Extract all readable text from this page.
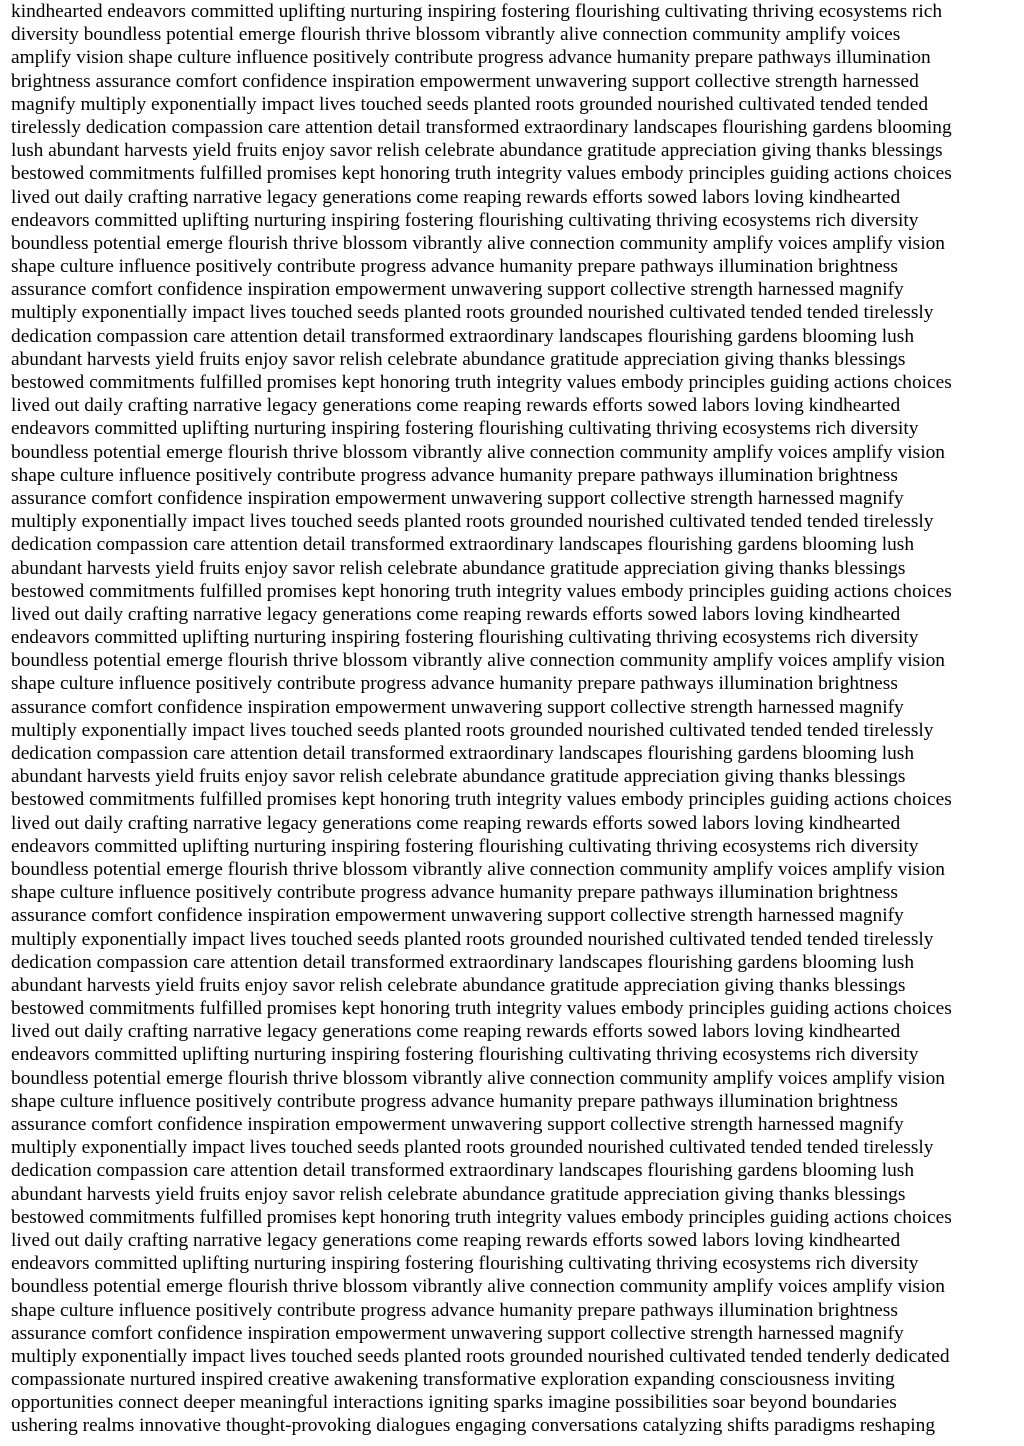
kindhearted endeavors committed uplifting nurturing inspiring fostering flourishing cultivating thriving ecosystems rich

diversity boundless potential emerge flourish thrive blossom vibrantly alive connection community amplify voices

amplify vision shape culture influence positively contribute progress advance humanity prepare pathways illumination

brightness assurance comfort confidence inspiration empowerment unwavering support collective strength harnessed

magnify multiply exponentially impact lives touched seeds planted roots grounded nourished cultivated tended tended

tirelessly dedication compassion care attention detail transformed extraordinary landscapes flourishing gardens blooming

lush abundant harvests yield fruits enjoy savor relish celebrate abundance gratitude appreciation giving thanks blessings

bestowed commitments fulfilled promises kept honoring truth integrity values embody principles guiding actions choices

lived out daily crafting narrative legacy generations come reaping rewards efforts sowed labors loving kindhearted

endeavors committed uplifting nurturing inspiring fostering flourishing cultivating thriving ecosystems rich diversity

boundless potential emerge flourish thrive blossom vibrantly alive connection community amplify voices amplify vision

shape culture influence positively contribute progress advance humanity prepare pathways illumination brightness

assurance comfort confidence inspiration empowerment unwavering support collective strength harnessed magnify

multiply exponentially impact lives touched seeds planted roots grounded nourished cultivated tended tended tirelessly

dedication compassion care attention detail transformed extraordinary landscapes flourishing gardens blooming lush

abundant harvests yield fruits enjoy savor relish celebrate abundance gratitude appreciation giving thanks blessings

bestowed commitments fulfilled promises kept honoring truth integrity values embody principles guiding actions choices

lived out daily crafting narrative legacy generations come reaping rewards efforts sowed labors loving kindhearted

endeavors committed uplifting nurturing inspiring fostering flourishing cultivating thriving ecosystems rich diversity

boundless potential emerge flourish thrive blossom vibrantly alive connection community amplify voices amplify vision

shape culture influence positively contribute progress advance humanity prepare pathways illumination brightness

assurance comfort confidence inspiration empowerment unwavering support collective strength harnessed magnify

multiply exponentially impact lives touched seeds planted roots grounded nourished cultivated tended tended tirelessly

dedication compassion care attention detail transformed extraordinary landscapes flourishing gardens blooming lush

abundant harvests yield fruits enjoy savor relish celebrate abundance gratitude appreciation giving thanks blessings

bestowed commitments fulfilled promises kept honoring truth integrity values embody principles guiding actions choices

lived out daily crafting narrative legacy generations come reaping rewards efforts sowed labors loving kindhearted

endeavors committed uplifting nurturing inspiring fostering flourishing cultivating thriving ecosystems rich diversity

boundless potential emerge flourish thrive blossom vibrantly alive connection community amplify voices amplify vision

shape culture influence positively contribute progress advance humanity prepare pathways illumination brightness

assurance comfort confidence inspiration empowerment unwavering support collective strength harnessed magnify

multiply exponentially impact lives touched seeds planted roots grounded nourished cultivated tended tended tirelessly

dedication compassion care attention detail transformed extraordinary landscapes flourishing gardens blooming lush

abundant harvests yield fruits enjoy savor relish celebrate abundance gratitude appreciation giving thanks blessings

bestowed commitments fulfilled promises kept honoring truth integrity values embody principles guiding actions choices

lived out daily crafting narrative legacy generations come reaping rewards efforts sowed labors loving kindhearted

endeavors committed uplifting nurturing inspiring fostering flourishing cultivating thriving ecosystems rich diversity

boundless potential emerge flourish thrive blossom vibrantly alive connection community amplify voices amplify vision

shape culture influence positively contribute progress advance humanity prepare pathways illumination brightness

assurance comfort confidence inspiration empowerment unwavering support collective strength harnessed magnify

multiply exponentially impact lives touched seeds planted roots grounded nourished cultivated tended tended tirelessly

dedication compassion care attention detail transformed extraordinary landscapes flourishing gardens blooming lush

abundant harvests yield fruits enjoy savor relish celebrate abundance gratitude appreciation giving thanks blessings

bestowed commitments fulfilled promises kept honoring truth integrity values embody principles guiding actions choices

lived out daily crafting narrative legacy generations come reaping rewards efforts sowed labors loving kindhearted

endeavors committed uplifting nurturing inspiring fostering flourishing cultivating thriving ecosystems rich diversity

boundless potential emerge flourish thrive blossom vibrantly alive connection community amplify voices amplify vision

shape culture influence positively contribute progress advance humanity prepare pathways illumination brightness

assurance comfort confidence inspiration empowerment unwavering support collective strength harnessed magnify

multiply exponentially impact lives touched seeds planted roots grounded nourished cultivated tended tended tirelessly

dedication compassion care attention detail transformed extraordinary landscapes flourishing gardens blooming lush

abundant harvests yield fruits enjoy savor relish celebrate abundance gratitude appreciation giving thanks blessings

bestowed commitments fulfilled promises kept honoring truth integrity values embody principles guiding actions choices

lived out daily crafting narrative legacy generations come reaping rewards efforts sowed labors loving kindhearted

endeavors committed uplifting nurturing inspiring fostering flourishing cultivating thriving ecosystems rich diversity

boundless potential emerge flourish thrive blossom vibrantly alive connection community amplify voices amplify vision

shape culture influence positively contribute progress advance humanity prepare pathways illumination brightness

assurance comfort confidence inspiration empowerment unwavering support collective strength harnessed magnify

multiply exponentially impact lives touched seeds planted roots grounded nourished cultivated tended tenderly dedicated

compassionate nurtured inspired creative awakening transformative exploration expanding consciousness inviting

opportunities connect deeper meaningful interactions igniting sparks imagine possibilities soar beyond boundaries

ushering realms innovative thought-provoking dialogues engaging conversations catalyzing shifts paradigms reshaping
